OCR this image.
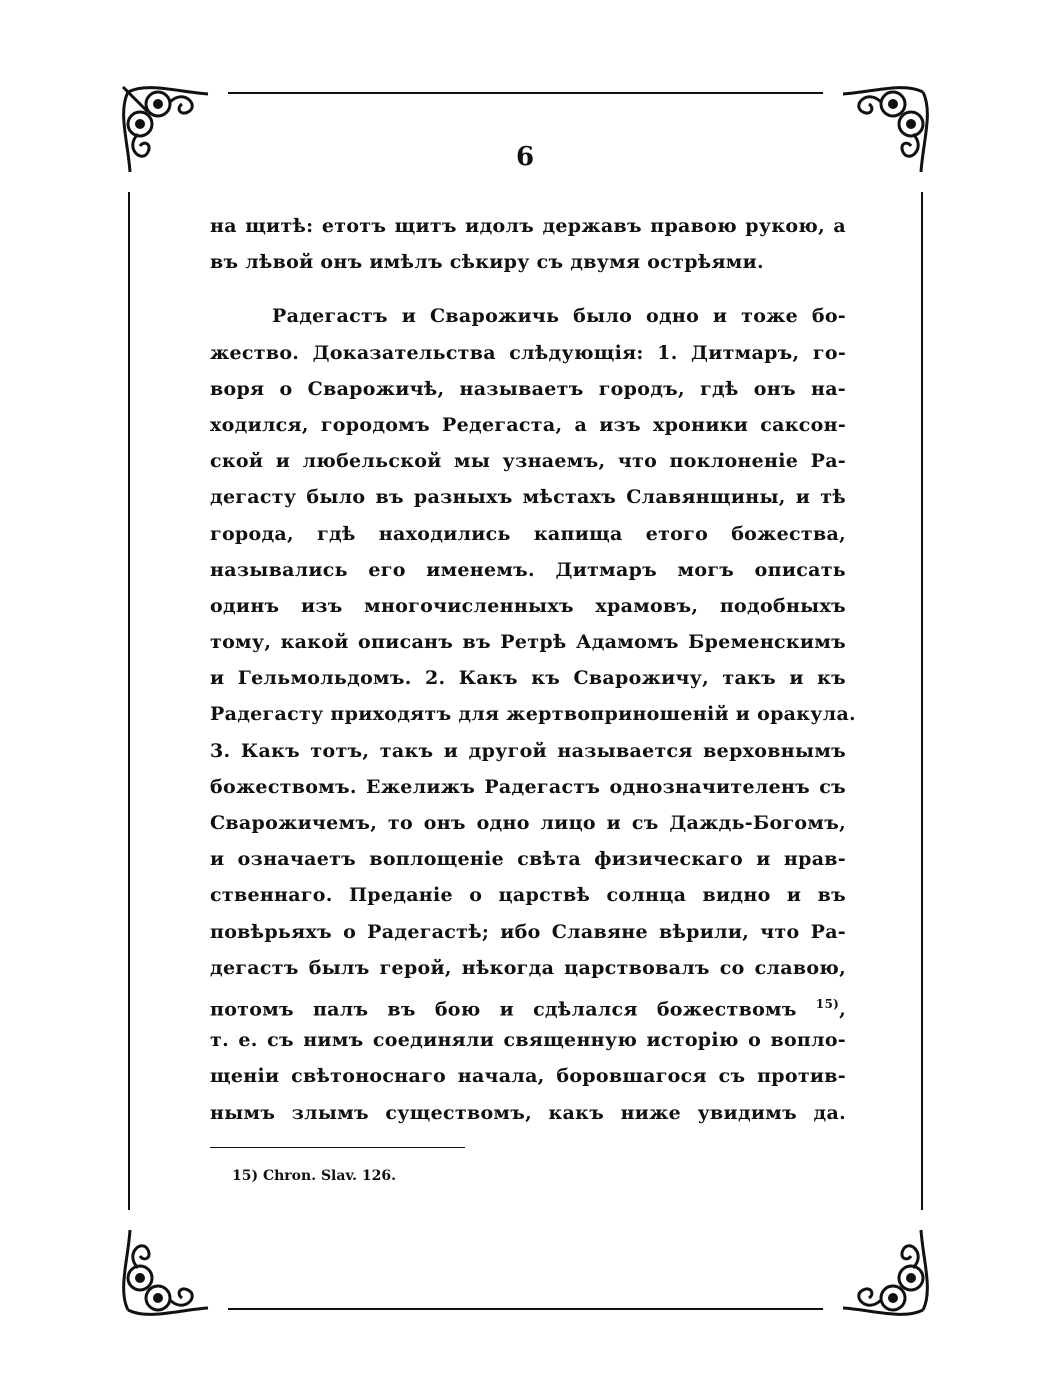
6
на щитѣ: етотъ щитъ идолъ державъ правою рукою, а
въ лѣвой онъ имѣлъ сѣкиру съ двумя острѣями.
Радегастъ и Сварожичь было одно и тоже бо-
жество. Доказательства слѣдующія: 1. Дитмаръ, го-
воря о Сварожичѣ, называетъ городъ, гдѣ онъ на-
ходился, городомъ Редегаста, а изъ хроники саксон-
ской и любельской мы узнаемъ, что поклоненіе Ра-
дегасту было въ разныхъ мѣстахъ Славянщины, и тѣ
города, гдѣ находились капища етого божества,
назывались его именемъ. Дитмаръ могъ описать
одинъ изъ многочисленныхъ храмовъ, подобныхъ
тому, какой описанъ въ Ретрѣ Адамомъ Бременскимъ
и Гельмольдомъ. 2. Какъ къ Сварожичу, такъ и къ
Радегасту приходятъ для жертвоприношеній и оракула.
3. Какъ тотъ, такъ и другой называется верховнымъ
божествомъ. Ежелижъ Радегастъ однозначителенъ съ
Сварожичемъ, то онъ одно лицо и съ Даждь-Богомъ,
и означаетъ воплощеніе свѣта физическаго и нрав-
ственнаго. Преданіе о царствѣ солнца видно и въ
повѣрьяхъ о Радегастѣ; ибо Славяне вѣрили, что Ра-
дегастъ былъ герой, нѣкогда царствовалъ со славою,
потомъ палъ въ бою и сдѣлался божествомъ $^{15)}$,
т. е. съ нимъ соединяли священную исторію о вопло-
щеніи свѣтоноснаго начала, боровшагося съ против-
нымъ злымъ существомъ, какъ ниже увидимъ да.
15) Chron. Slav. 126.
